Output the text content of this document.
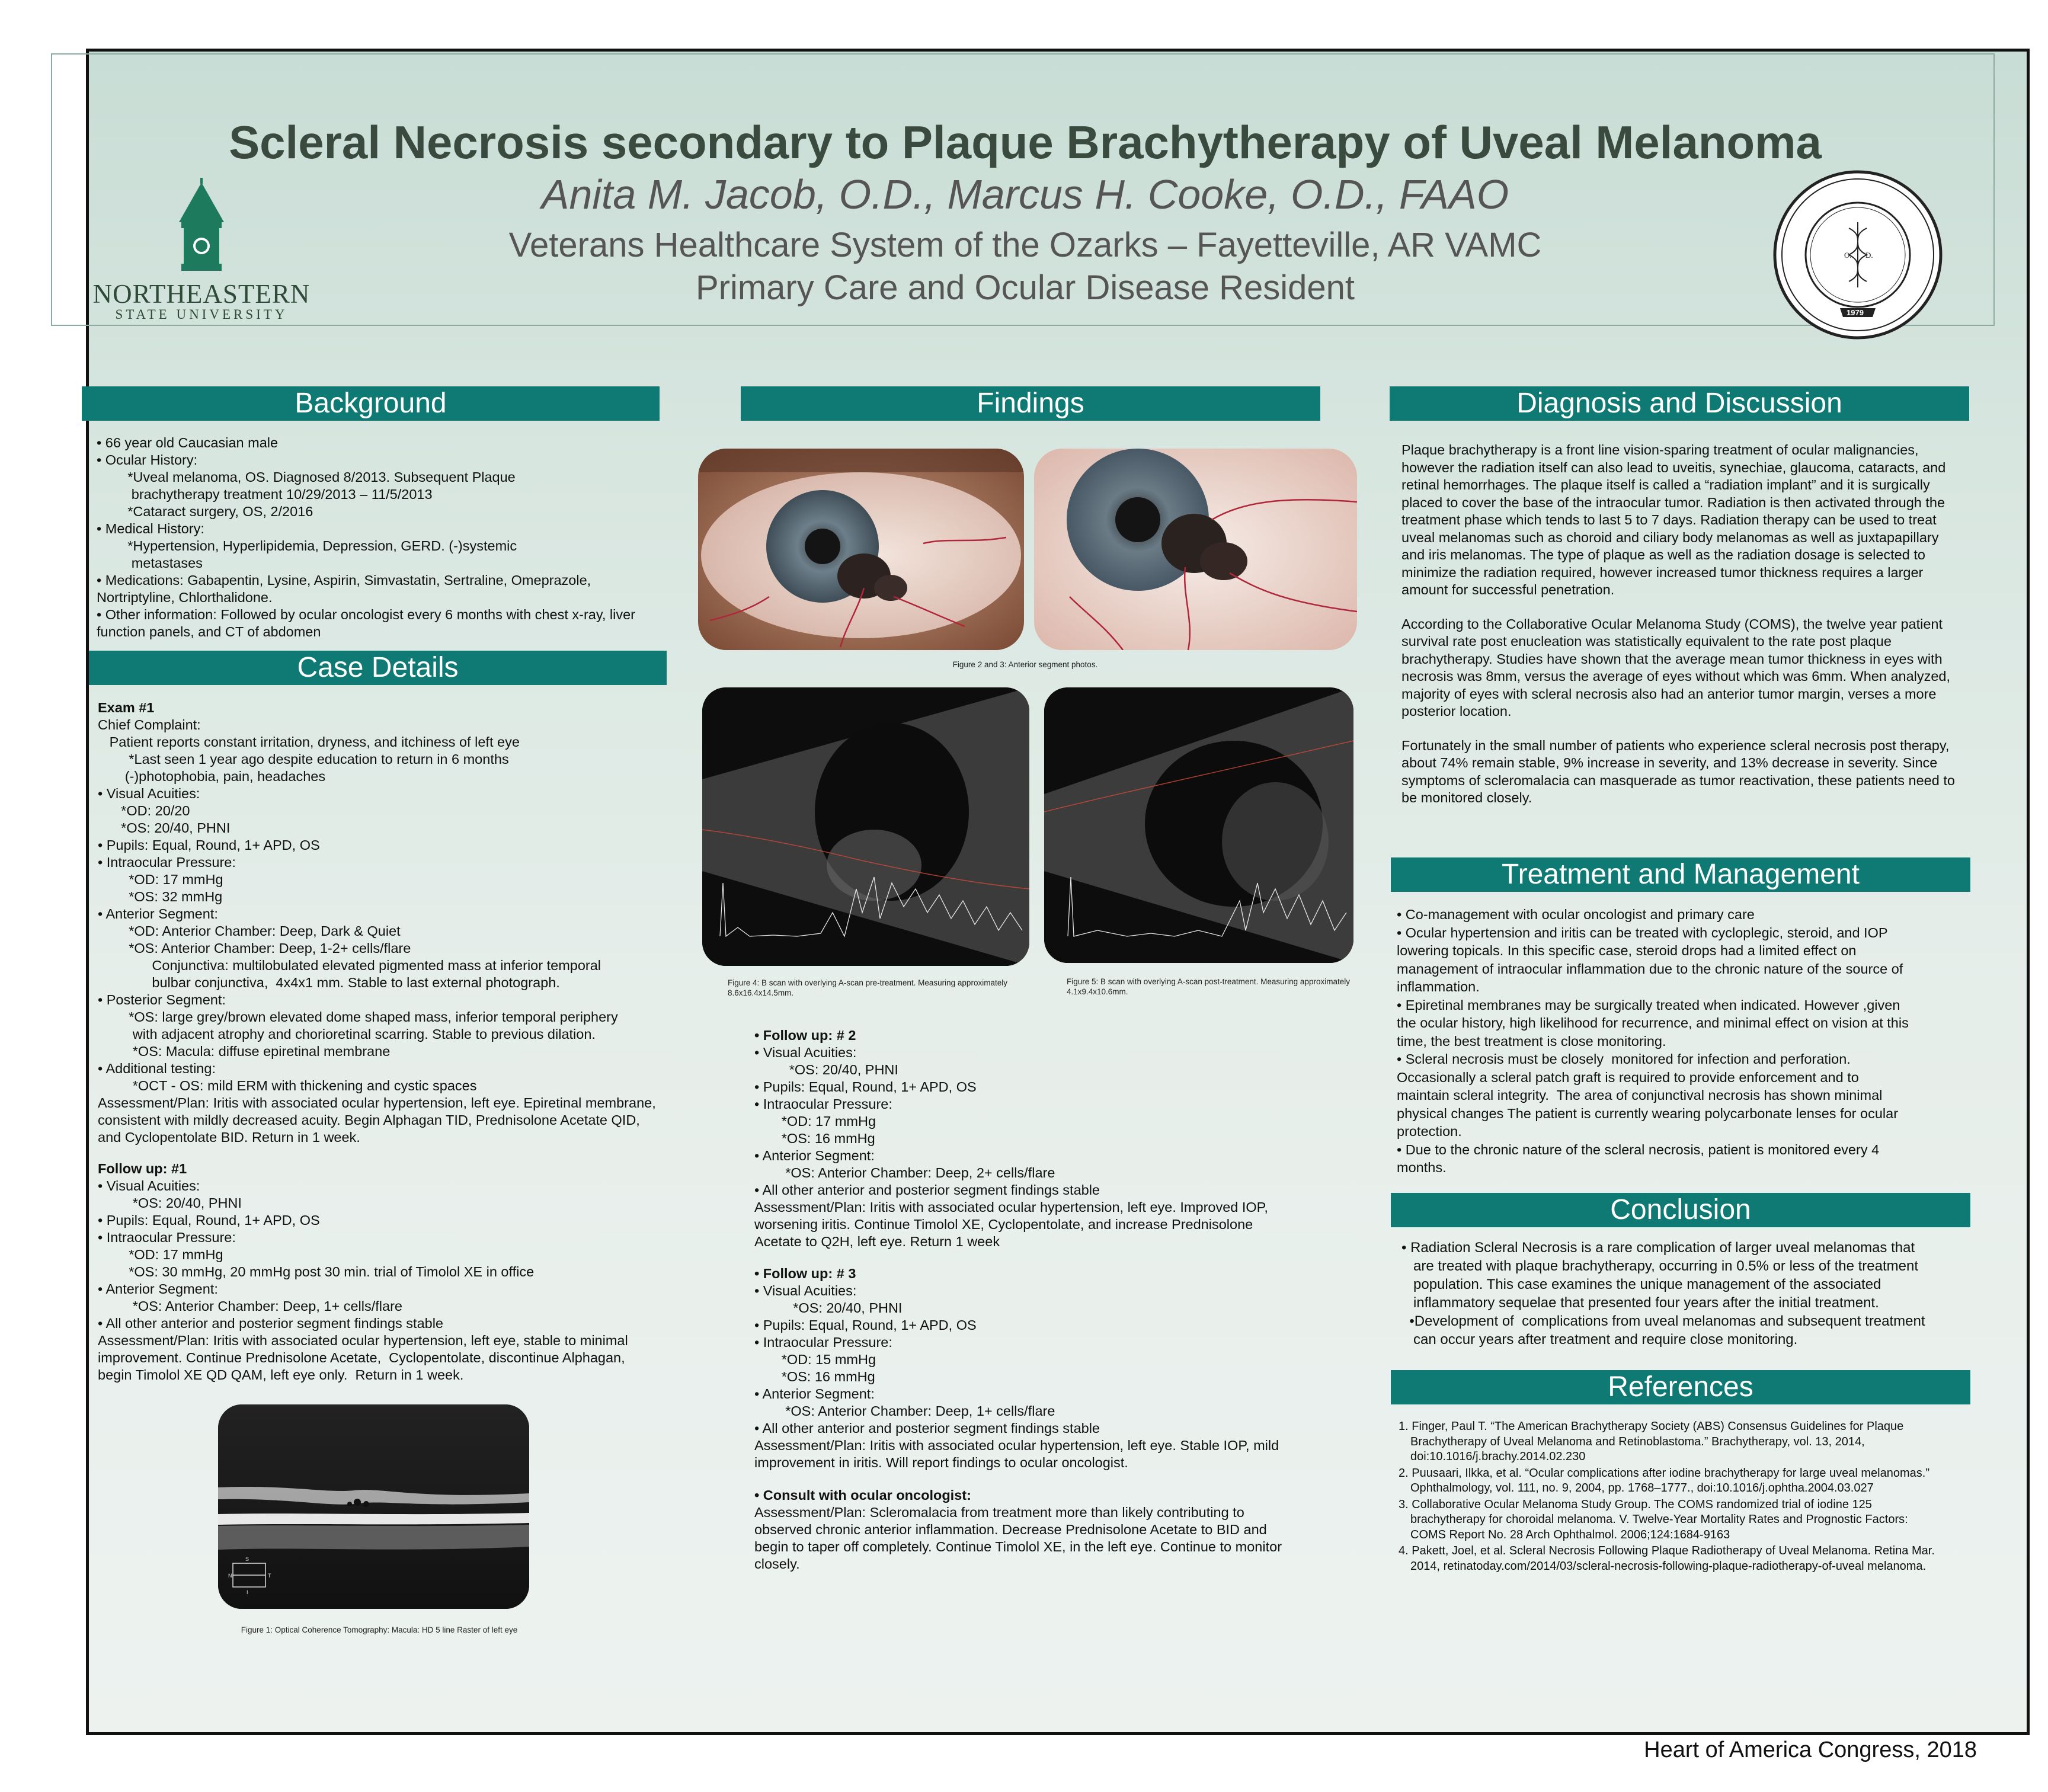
NORTHEASTERN
STATE UNIVERSITY
O. D.
1979
Scleral Necrosis secondary to Plaque Brachytherapy of Uveal Melanoma
Anita M. Jacob, O.D., Marcus H. Cooke, O.D., FAAO
Veterans Healthcare System of the Ozarks – Fayetteville, AR VAMC
Primary Care and Ocular Disease Resident
Background
• 66 year old Caucasian male
• Ocular History:
*Uveal melanoma, OS. Diagnosed 8/2013. Subsequent Plaque
brachytherapy treatment 10/29/2013 – 11/5/2013
*Cataract surgery, OS, 2/2016
• Medical History:
*Hypertension, Hyperlipidemia, Depression, GERD. (-)systemic
metastases
• Medications: Gabapentin, Lysine, Aspirin, Simvastatin, Sertraline, Omeprazole,
Nortriptyline, Chlorthalidone.
• Other information: Followed by ocular oncologist every 6 months with chest x-ray, liver
function panels, and CT of abdomen
Case Details
Exam #1
Chief Complaint:
Patient reports constant irritation, dryness, and itchiness of left eye
*Last seen 1 year ago despite education to return in 6 months
(-)photophobia, pain, headaches
• Visual Acuities:
*OD: 20/20
*OS: 20/40, PHNI
• Pupils: Equal, Round, 1+ APD, OS
• Intraocular Pressure:
*OD: 17 mmHg
*OS: 32 mmHg
• Anterior Segment:
*OD: Anterior Chamber: Deep, Dark & Quiet
*OS: Anterior Chamber: Deep, 1-2+ cells/flare
Conjunctiva: multilobulated elevated pigmented mass at inferior temporal
bulbar conjunctiva,  4x4x1 mm. Stable to last external photograph.
• Posterior Segment:
*OS: large grey/brown elevated dome shaped mass, inferior temporal periphery
with adjacent atrophy and chorioretinal scarring. Stable to previous dilation.
*OS: Macula: diffuse epiretinal membrane
• Additional testing:
*OCT - OS: mild ERM with thickening and cystic spaces
Assessment/Plan: Iritis with associated ocular hypertension, left eye. Epiretinal membrane,
consistent with mildly decreased acuity. Begin Alphagan TID, Prednisolone Acetate QID,
and Cyclopentolate BID. Return in 1 week.
Follow up: #1
• Visual Acuities:
*OS: 20/40, PHNI
• Pupils: Equal, Round, 1+ APD, OS
• Intraocular Pressure:
*OD: 17 mmHg
*OS: 30 mmHg, 20 mmHg post 30 min. trial of Timolol XE in office
• Anterior Segment:
*OS: Anterior Chamber: Deep, 1+ cells/flare
• All other anterior and posterior segment findings stable
Assessment/Plan: Iritis with associated ocular hypertension, left eye, stable to minimal
improvement. Continue Prednisolone Acetate,  Cyclopentolate, discontinue Alphagan,
begin Timolol XE QD QAM, left eye only.  Return in 1 week.
S
N	T
I
Figure 1: Optical Coherence Tomography: Macula: HD 5 line Raster of left eye
Findings
Figure 2 and 3: Anterior segment photos.
Figure 4: B scan with overlying A-scan pre-treatment. Measuring approximately 8.6x16.4x14.5mm.
Figure 5: B scan with overlying A-scan post-treatment. Measuring approximately 4.1x9.4x10.6mm.
• Follow up: # 2
• Visual Acuities:
*OS: 20/40, PHNI
• Pupils: Equal, Round, 1+ APD, OS
• Intraocular Pressure:
*OD: 17 mmHg
*OS: 16 mmHg
• Anterior Segment:
*OS: Anterior Chamber: Deep, 2+ cells/flare
• All other anterior and posterior segment findings stable
Assessment/Plan: Iritis with associated ocular hypertension, left eye. Improved IOP,
worsening iritis. Continue Timolol XE, Cyclopentolate, and increase Prednisolone
Acetate to Q2H, left eye. Return 1 week
• Follow up: # 3
• Visual Acuities:
*OS: 20/40, PHNI
• Pupils: Equal, Round, 1+ APD, OS
• Intraocular Pressure:
*OD: 15 mmHg
*OS: 16 mmHg
• Anterior Segment:
*OS: Anterior Chamber: Deep, 1+ cells/flare
• All other anterior and posterior segment findings stable
Assessment/Plan: Iritis with associated ocular hypertension, left eye. Stable IOP, mild
improvement in iritis. Will report findings to ocular oncologist.
• Consult with ocular oncologist:
Assessment/Plan: Scleromalacia from treatment more than likely contributing to
observed chronic anterior inflammation. Decrease Prednisolone Acetate to BID and
begin to taper off completely. Continue Timolol XE, in the left eye. Continue to monitor
closely.
Diagnosis and Discussion

Plaque brachytherapy is a front line vision-sparing treatment of ocular malignancies, however the radiation itself can also lead to uveitis, synechiae, glaucoma, cataracts, and retinal hemorrhages. The plaque itself is called a “radiation implant” and it is surgically placed to cover the base of the intraocular tumor. Radiation is then activated through the treatment phase which tends to last 5 to 7 days. Radiation therapy can be used to treat uveal melanomas such as choroid and ciliary body melanomas as well as juxtapapillary and iris melanomas. The type of plaque as well as the radiation dosage is selected to minimize the radiation required, however increased tumor thickness requires a larger amount for successful penetration.

According to the Collaborative Ocular Melanoma Study (COMS), the twelve year patient survival rate post enucleation was statistically equivalent to the rate post plaque brachytherapy. Studies have shown that the average mean tumor thickness in eyes with necrosis was 8mm, versus the average of eyes without which was 6mm. When analyzed, majority of eyes with scleral necrosis also had an anterior tumor margin, verses a more posterior location.

Fortunately in the small number of patients who experience scleral necrosis post therapy, about 74% remain stable, 9% increase in severity, and 13% decrease in severity. Since symptoms of scleromalacia can masquerade as tumor reactivation, these patients need to be monitored closely.

Treatment and Management
• Co-management with ocular oncologist and primary care
• Ocular hypertension and iritis can be treated with cycloplegic, steroid, and IOP
lowering topicals. In this specific case, steroid drops had a limited effect on
management of intraocular inflammation due to the chronic nature of the source of
inflammation.
• Epiretinal membranes may be surgically treated when indicated. However ,given
the ocular history, high likelihood for recurrence, and minimal effect on vision at this
time, the best treatment is close monitoring.
• Scleral necrosis must be closely  monitored for infection and perforation.
Occasionally a scleral patch graft is required to provide enforcement and to
maintain scleral integrity.  The area of conjunctival necrosis has shown minimal
physical changes The patient is currently wearing polycarbonate lenses for ocular
protection.
• Due to the chronic nature of the scleral necrosis, patient is monitored every 4
months.
Conclusion
• Radiation Scleral Necrosis is a rare complication of larger uveal melanomas that
are treated with plaque brachytherapy, occurring in 0.5% or less of the treatment
population. This case examines the unique management of the associated
inflammatory sequelae that presented four years after the initial treatment.
•Development of  complications from uveal melanomas and subsequent treatment
can occur years after treatment and require close monitoring.
References
1. Finger, Paul T. “The American Brachytherapy Society (ABS) Consensus Guidelines for Plaque Brachytherapy of Uveal Melanoma and Retinoblastoma.” Brachytherapy, vol. 13, 2014, doi:10.1016/j.brachy.2014.02.230
2. Puusaari, Ilkka, et al. “Ocular complications after iodine brachytherapy for large uveal melanomas.” Ophthalmology, vol. 111, no. 9, 2004, pp. 1768–1777., doi:10.1016/j.ophtha.2004.03.027
3. Collaborative Ocular Melanoma Study Group. The COMS randomized trial of iodine 125 brachytherapy for choroidal melanoma. V. Twelve-Year Mortality Rates and Prognostic Factors: COMS Report No. 28 Arch Ophthalmol. 2006;124:1684-9163
4. Pakett, Joel, et al. Scleral Necrosis Following Plaque Radiotherapy of Uveal Melanoma. Retina Mar. 2014, retinatoday.com/2014/03/scleral-necrosis-following-plaque-radiotherapy-of-uveal melanoma.
Heart of America Congress, 2018
